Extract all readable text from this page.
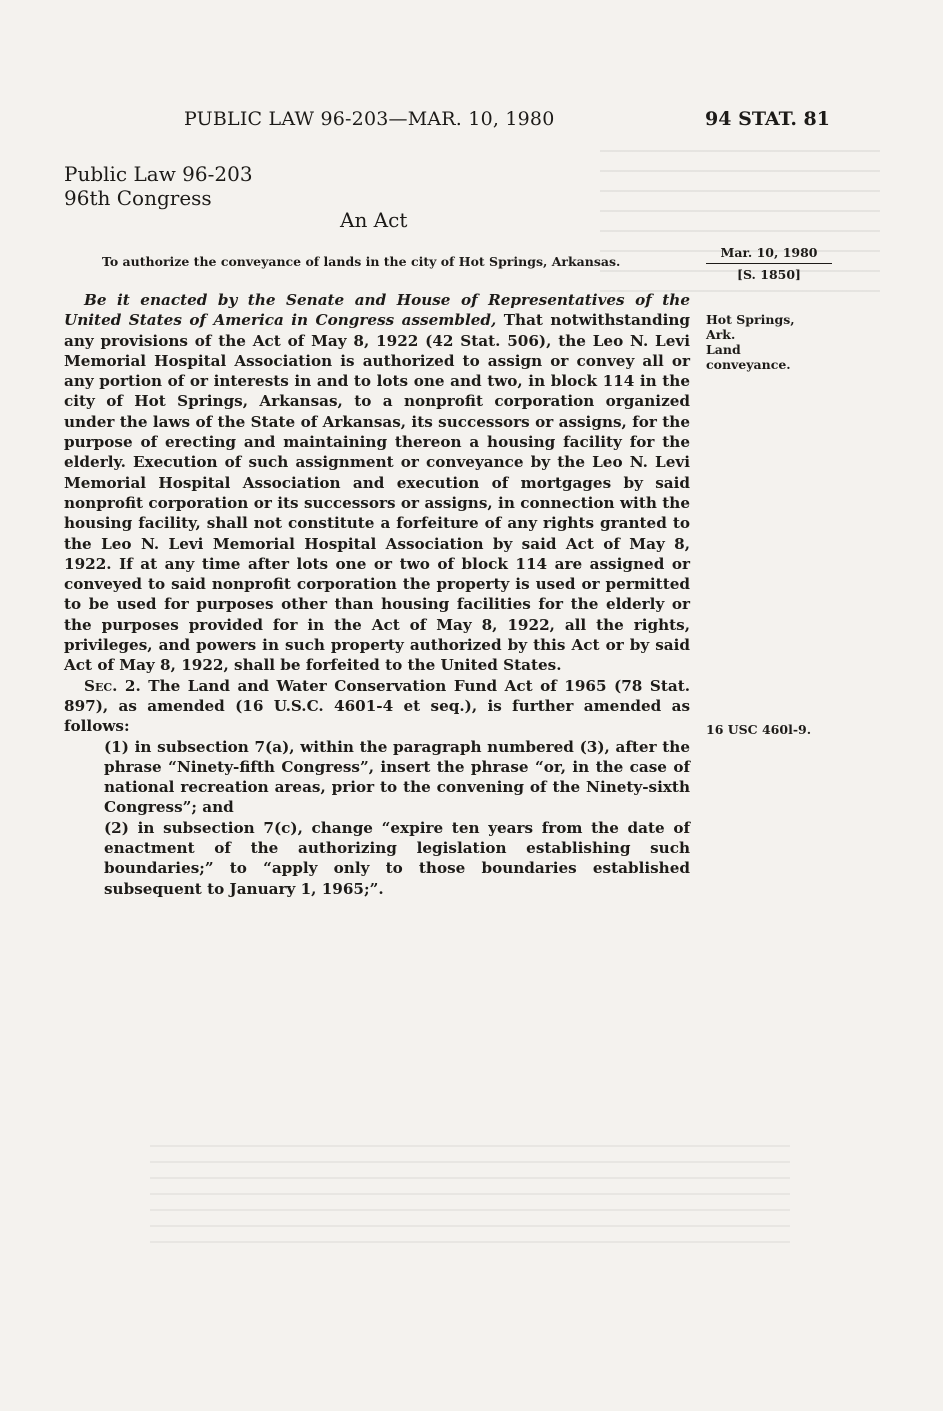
PUBLIC LAW 96-203—MAR. 10, 1980	94 STAT. 81
Public Law 96-203
96th Congress
An Act
To authorize the conveyance of lands in the city of Hot Springs, Arkansas.
Mar. 10, 1980
[S. 1850]
Hot Springs,
Ark.
Land
conveyance.
16 USC 460l-9.

Be it enacted by the Senate and House of Representatives of the United States of America in Congress assembled, That notwithstanding any provisions of the Act of May 8, 1922 (42 Stat. 506), the Leo N. Levi Memorial Hospital Association is authorized to assign or convey all or any portion of or interests in and to lots one and two, in block 114 in the city of Hot Springs, Arkansas, to a nonprofit corporation organized under the laws of the State of Arkansas, its successors or assigns, for the purpose of erecting and maintaining thereon a housing facility for the elderly. Execution of such assignment or conveyance by the Leo N. Levi Memorial Hospital Association and execution of mortgages by said nonprofit corporation or its successors or assigns, in connection with the housing facility, shall not constitute a forfeiture of any rights granted to the Leo N. Levi Memorial Hospital Association by said Act of May 8, 1922. If at any time after lots one or two of block 114 are assigned or conveyed to said nonprofit corporation the property is used or permitted to be used for purposes other than housing facilities for the elderly or the purposes provided for in the Act of May 8, 1922, all the rights, privileges, and powers in such property authorized by this Act or by said Act of May 8, 1922, shall be forfeited to the United States.

Sec. 2. The Land and Water Conservation Fund Act of 1965 (78 Stat. 897), as amended (16 U.S.C. 4601-4 et seq.), is further amended as follows:

(1) in subsection 7(a), within the paragraph numbered (3), after the phrase “Ninety-fifth Congress”, insert the phrase “or, in the case of national recreation areas, prior to the convening of the Ninety-sixth Congress”; and

(2) in subsection 7(c), change “expire ten years from the date of enactment of the authorizing legislation establishing such boundaries;” to “apply only to those boundaries established subsequent to January 1, 1965;”.
